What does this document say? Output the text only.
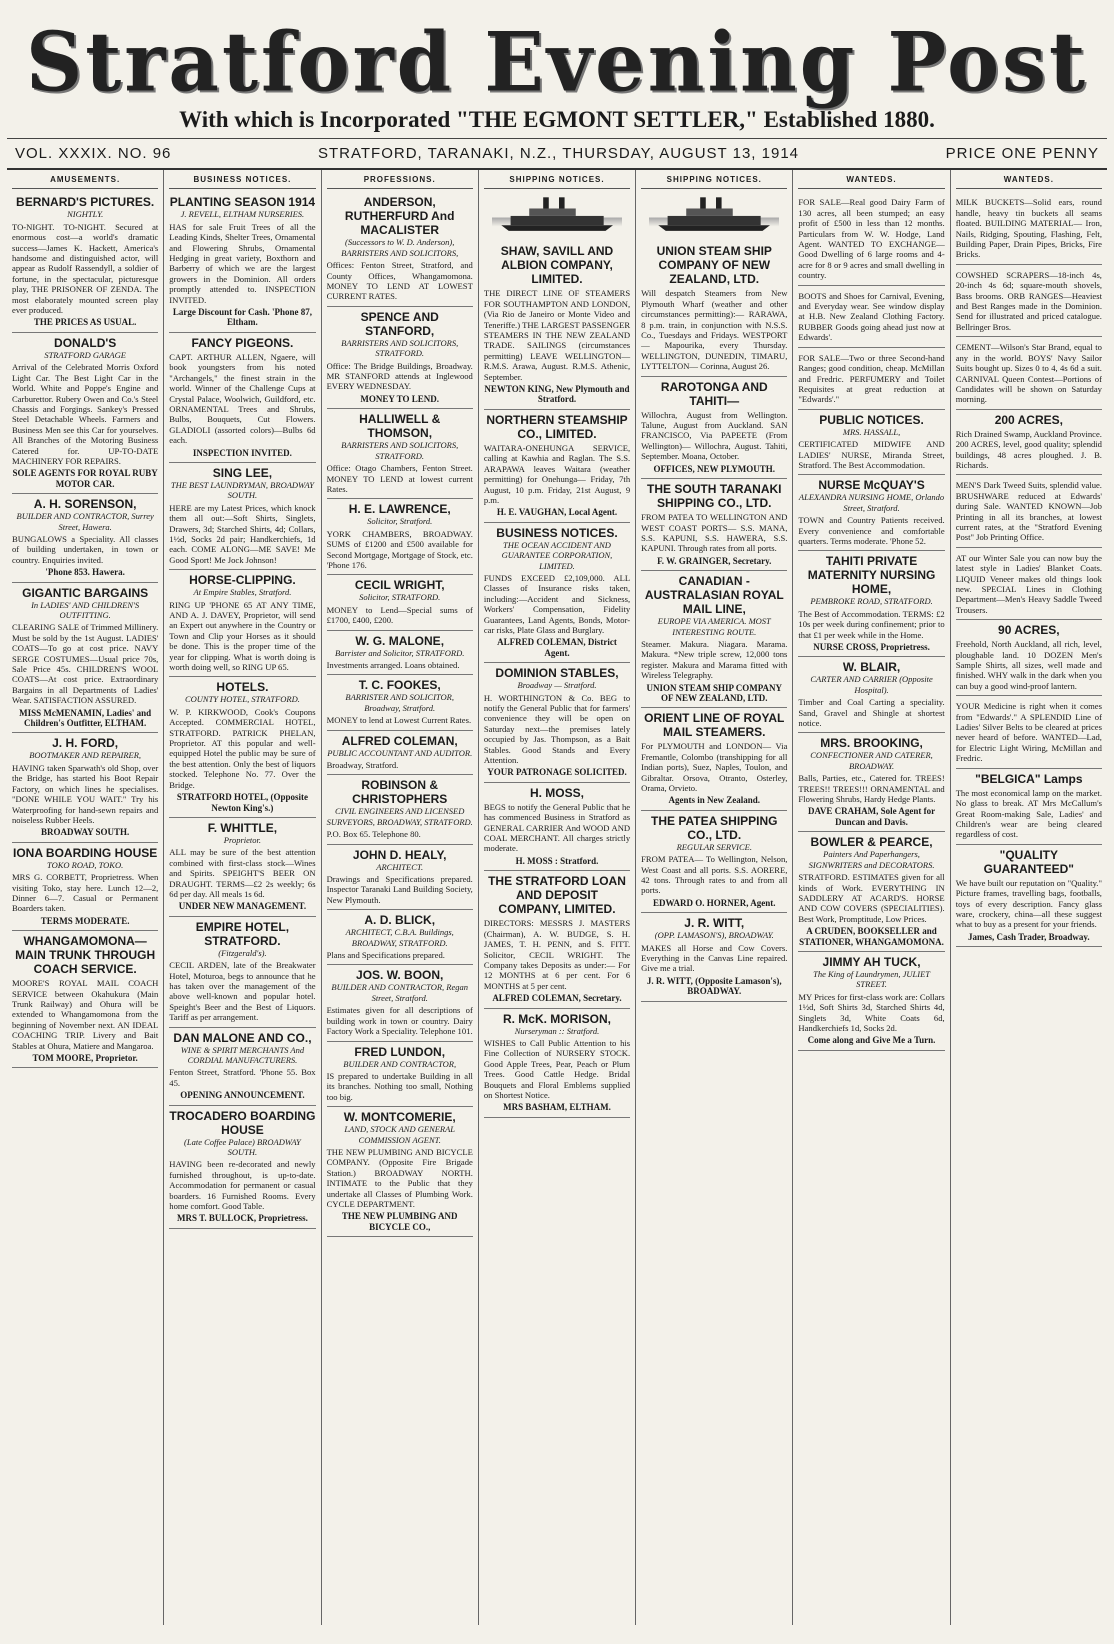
Stratford Evening Post
With which is Incorporated "THE EGMONT SETTLER," Established 1880.
VOL. XXXIX. NO. 96	STRATFORD, TARANAKI, N.Z., THURSDAY, AUGUST 13, 1914	PRICE ONE PENNY
AMUSEMENTS.
BERNARD'S PICTURES.
NIGHTLY.
TO-NIGHT. TO-NIGHT. Secured at enormous cost—a world's dramatic success—James K. Hackett, America's handsome and distinguished actor, will appear as Rudolf Rassendyll, a soldier of fortune, in the spectacular, picturesque play, THE PRISONER OF ZENDA. The most elaborately mounted screen play ever produced.
THE PRICES AS USUAL.
DONALD'S
STRATFORD GARAGE
Arrival of the Celebrated Morris Oxford Light Car. The Best Light Car in the World. White and Poppe's Engine and Carburettor. Rubery Owen and Co.'s Steel Chassis and Forgings. Sankey's Pressed Steel Detachable Wheels. Farmers and Business Men see this Car for yourselves. All Branches of the Motoring Business Catered for. UP-TO-DATE MACHINERY FOR REPAIRS.
SOLE AGENTS FOR ROYAL RUBY MOTOR CAR.
A. H. SORENSON,
BUILDER AND CONTRACTOR, Surrey Street, Hawera.
BUNGALOWS a Speciality. All classes of building undertaken, in town or country. Enquiries invited.
'Phone 853. Hawera.
GIGANTIC BARGAINS
In LADIES' AND CHILDREN'S OUTFITTING.
CLEARING SALE of Trimmed Millinery. Must be sold by the 1st August. LADIES' COATS—To go at cost price. NAVY SERGE COSTUMES—Usual price 70s, Sale Price 45s. CHILDREN'S WOOL COATS—At cost price. Extraordinary Bargains in all Departments of Ladies' Wear. SATISFACTION ASSURED.
MISS McMENAMIN, Ladies' and Children's Outfitter, ELTHAM.
J. H. FORD,
BOOTMAKER AND REPAIRER,
HAVING taken Sparwath's old Shop, over the Bridge, has started his Boot Repair Factory, on which lines he specialises. "DONE WHILE YOU WAIT." Try his Waterproofing for hand-sewn repairs and noiseless Rubber Heels.
BROADWAY SOUTH.
IONA BOARDING HOUSE
TOKO ROAD, TOKO.
MRS G. CORBETT, Proprietress. When visiting Toko, stay here. Lunch 12—2, Dinner 6—7. Casual or Permanent Boarders taken.
TERMS MODERATE.
WHANGAMOMONA—MAIN TRUNK THROUGH COACH SERVICE.
MOORE'S ROYAL MAIL COACH SERVICE between Okahukura (Main Trunk Railway) and Ohura will be extended to Whangamomona from the beginning of November next. AN IDEAL COACHING TRIP. Livery and Bait Stables at Ohura, Matiere and Mangaroa.
TOM MOORE, Proprietor.
BUSINESS NOTICES.
PLANTING SEASON 1914
J. REVELL, ELTHAM NURSERIES.
HAS for sale Fruit Trees of all the Leading Kinds, Shelter Trees, Ornamental and Flowering Shrubs, Ornamental Hedging in great variety, Boxthorn and Barberry of which we are the largest growers in the Dominion. All orders promptly attended to. INSPECTION INVITED.
Large Discount for Cash. 'Phone 87, Eltham.
FANCY PIGEONS.
CAPT. ARTHUR ALLEN, Ngaere, will book youngsters from his noted "Archangels," the finest strain in the world. Winner of the Challenge Cups at Crystal Palace, Woolwich, Guildford, etc. ORNAMENTAL Trees and Shrubs, Bulbs, Bouquets, Cut Flowers. GLADIOLI (assorted colors)—Bulbs 6d each.
INSPECTION INVITED.
SING LEE,
THE BEST LAUNDRYMAN, BROADWAY SOUTH.
HERE are my Latest Prices, which knock them all out:—Soft Shirts, Singlets, Drawers, 3d; Starched Shirts, 4d; Collars, 1½d, Socks 2d pair; Handkerchiefs, 1d each. COME ALONG—ME SAVE! Me Good Sport! Me Jock Johnson!
HORSE-CLIPPING.
At Empire Stables, Stratford.
RING UP 'PHONE 65 AT ANY TIME, AND A. J. DAVEY, Proprietor, will send an Expert out anywhere in the Country or Town and Clip your Horses as it should be done. This is the proper time of the year for clipping. What is worth doing is worth doing well, so RING UP 65.
HOTELS.
COUNTY HOTEL, STRATFORD.
W. P. KIRKWOOD, Cook's Coupons Accepted. COMMERCIAL HOTEL, STRATFORD. PATRICK PHELAN, Proprietor. AT this popular and well-equipped Hotel the public may be sure of the best attention. Only the best of liquors stocked. Telephone No. 77. Over the Bridge.
STRATFORD HOTEL, (Opposite Newton King's.)
F. WHITTLE,
Proprietor.
ALL may be sure of the best attention combined with first-class stock—Wines and Spirits. SPEIGHT'S BEER ON DRAUGHT. TERMS—£2 2s weekly; 6s 6d per day. All meals 1s 6d.
UNDER NEW MANAGEMENT.
EMPIRE HOTEL, STRATFORD.
(Fitzgerald's).
CECIL ARDEN, late of the Breakwater Hotel, Moturoa, begs to announce that he has taken over the management of the above well-known and popular hotel. Speight's Beer and the Best of Liquors. Tariff as per arrangement.
DAN MALONE AND CO.,
WINE & SPIRIT MERCHANTS And CORDIAL MANUFACTURERS.
Fenton Street, Stratford. 'Phone 55. Box 45.
OPENING ANNOUNCEMENT.
TROCADERO BOARDING HOUSE
(Late Coffee Palace) BROADWAY SOUTH.
HAVING been re-decorated and newly furnished throughout, is up-to-date. Accommodation for permanent or casual boarders. 16 Furnished Rooms. Every home comfort. Good Table.
MRS T. BULLOCK, Proprietress.
PROFESSIONS.
ANDERSON, RUTHERFURD And MACALISTER
(Successors to W. D. Anderson), BARRISTERS AND SOLICITORS,
Offices: Fenton Street, Stratford, and County Offices, Whangamomona. MONEY TO LEND AT LOWEST CURRENT RATES.
SPENCE AND STANFORD,
BARRISTERS AND SOLICITORS, STRATFORD.
Office: The Bridge Buildings, Broadway. MR STANFORD attends at Inglewood EVERY WEDNESDAY.
MONEY TO LEND.
HALLIWELL & THOMSON,
BARRISTERS AND SOLICITORS, STRATFORD.
Office: Otago Chambers, Fenton Street. MONEY TO LEND at lowest current Rates.
H. E. LAWRENCE,
Solicitor, Stratford.
YORK CHAMBERS, BROADWAY. SUMS of £1200 and £500 available for Second Mortgage, Mortgage of Stock, etc. 'Phone 176.
CECIL WRIGHT,
Solicitor, STRATFORD.
MONEY to Lend—Special sums of £1700, £400, £200.
W. G. MALONE,
Barrister and Solicitor, STRATFORD.
Investments arranged. Loans obtained.
T. C. FOOKES,
BARRISTER AND SOLICITOR, Broadway, Stratford.
MONEY to lend at Lowest Current Rates.
ALFRED COLEMAN,
PUBLIC ACCOUNTANT AND AUDITOR.
Broadway, Stratford.
ROBINSON & CHRISTOPHERS
CIVIL ENGINEERS AND LICENSED SURVEYORS, BROADWAY, STRATFORD.
P.O. Box 65. Telephone 80.
JOHN D. HEALY,
ARCHITECT.
Drawings and Specifications prepared. Inspector Taranaki Land Building Society, New Plymouth.
A. D. BLICK,
ARCHITECT, C.B.A. Buildings, BROADWAY, STRATFORD.
Plans and Specifications prepared.
JOS. W. BOON,
BUILDER AND CONTRACTOR, Regan Street, Stratford.
Estimates given for all descriptions of building work in town or country. Dairy Factory Work a Speciality. Telephone 101.
FRED LUNDON,
BUILDER AND CONTRACTOR,
IS prepared to undertake Building in all its branches. Nothing too small, Nothing too big.
W. MONTCOMERIE,
LAND, STOCK AND GENERAL COMMISSION AGENT.
THE NEW PLUMBING AND BICYCLE COMPANY. (Opposite Fire Brigade Station.) BROADWAY NORTH. INTIMATE to the Public that they undertake all Classes of Plumbing Work. CYCLE DEPARTMENT.
THE NEW PLUMBING AND BICYCLE CO.,
SHIPPING NOTICES.
SHAW, SAVILL AND ALBION COMPANY, LIMITED.
THE DIRECT LINE OF STEAMERS FOR SOUTHAMPTON AND LONDON, (Via Rio de Janeiro or Monte Video and Teneriffe.) THE LARGEST PASSENGER STEAMERS IN THE NEW ZEALAND TRADE. SAILINGS (circumstances permitting) LEAVE WELLINGTON— R.M.S. Arawa, August. R.M.S. Athenic, September.
NEWTON KING, New Plymouth and Stratford.
NORTHERN STEAMSHIP CO., LIMITED.
WAITARA-ONEHUNGA SERVICE, calling at Kawhia and Raglan. The S.S. ARAPAWA leaves Waitara (weather permitting) for Onehunga— Friday, 7th August, 10 p.m. Friday, 21st August, 9 p.m.
H. E. VAUGHAN, Local Agent.
BUSINESS NOTICES.
THE OCEAN ACCIDENT AND GUARANTEE CORPORATION, LIMITED.
FUNDS EXCEED £2,109,000. ALL Classes of Insurance risks taken, including:—Accident and Sickness, Workers' Compensation, Fidelity Guarantees, Land Agents, Bonds, Motor-car risks, Plate Glass and Burglary.
ALFRED COLEMAN, District Agent.
DOMINION STABLES,
Broadway — Stratford.
H. WORTHINGTON & Co. BEG to notify the General Public that for farmers' convenience they will be open on Saturday next—the premises lately occupied by Jas. Thompson, as a Bait Stables. Good Stands and Every Attention.
YOUR PATRONAGE SOLICITED.
H. MOSS,
BEGS to notify the General Public that he has commenced Business in Stratford as GENERAL CARRIER And WOOD AND COAL MERCHANT. All charges strictly moderate.
H. MOSS : Stratford.
THE STRATFORD LOAN AND DEPOSIT COMPANY, LIMITED.
DIRECTORS: MESSRS J. MASTERS (Chairman), A. W. BUDGE, S. H. JAMES, T. H. PENN, and S. FITT. Solicitor, CECIL WRIGHT. The Company takes Deposits as under:— For 12 MONTHS at 6 per cent. For 6 MONTHS at 5 per cent.
ALFRED COLEMAN, Secretary.
R. McK. MORISON,
Nurseryman :: Stratford.
WISHES to Call Public Attention to his Fine Collection of NURSERY STOCK. Good Apple Trees, Pear, Peach or Plum Trees. Good Cattle Hedge. Bridal Bouquets and Floral Emblems supplied on Shortest Notice.
MRS BASHAM, ELTHAM.
SHIPPING NOTICES.
UNION STEAM SHIP COMPANY OF NEW ZEALAND, LTD.
Will despatch Steamers from New Plymouth Wharf (weather and other circumstances permitting):— RARAWA, 8 p.m. train, in conjunction with N.S.S. Co., Tuesdays and Fridays. WESTPORT— Mapourika, every Thursday. WELLINGTON, DUNEDIN, TIMARU, LYTTELTON— Corinna, August 26.
RAROTONGA AND TAHITI—
Willochra, August from Wellington. Talune, August from Auckland. SAN FRANCISCO, Via PAPEETE (From Wellington)— Willochra, August. Tahiti, September. Moana, October.
OFFICES, NEW PLYMOUTH.
THE SOUTH TARANAKI SHIPPING CO., LTD.
FROM PATEA TO WELLINGTON AND WEST COAST PORTS— S.S. MANA, S.S. KAPUNI, S.S. HAWERA, S.S. KAPUNI. Through rates from all ports.
F. W. GRAINGER, Secretary.
CANADIAN - AUSTRALASIAN ROYAL MAIL LINE,
EUROPE VIA AMERICA. MOST INTERESTING ROUTE.
Steamer. Makura. Niagara. Marama. Makura. *New triple screw, 12,000 tons register. Makura and Marama fitted with Wireless Telegraphy.
UNION STEAM SHIP COMPANY OF NEW ZEALAND, LTD.
ORIENT LINE OF ROYAL MAIL STEAMERS.
For PLYMOUTH and LONDON— Via Fremantle, Colombo (transhipping for all Indian ports), Suez, Naples, Toulon, and Gibraltar. Orsova, Otranto, Osterley, Orama, Orvieto.
Agents in New Zealand.
THE PATEA SHIPPING CO., LTD.
REGULAR SERVICE.
FROM PATEA— To Wellington, Nelson, West Coast and all ports. S.S. AORERE, 42 tons. Through rates to and from all ports.
EDWARD O. HORNER, Agent.
J. R. WITT,
(OPP. LAMASON'S), BROADWAY.
MAKES all Horse and Cow Covers. Everything in the Canvas Line repaired. Give me a trial.
J. R. WITT, (Opposite Lamason's), BROADWAY.
WANTEDS.
FOR SALE—Real good Dairy Farm of 130 acres, all been stumped; an easy profit of £500 in less than 12 months. Particulars from W. W. Hodge, Land Agent. WANTED TO EXCHANGE—Good Dwelling of 6 large rooms and 4-acre for 8 or 9 acres and small dwelling in country.
BOOTS and Shoes for Carnival, Evening, and Everyday wear. See window display at H.B. New Zealand Clothing Factory. RUBBER Goods going ahead just now at Edwards'.
FOR SALE—Two or three Second-hand Ranges; good condition, cheap. McMillan and Fredric. PERFUMERY and Toilet Requisites at great reduction at "Edwards'."
PUBLIC NOTICES.
MRS. HASSALL,
CERTIFICATED MIDWIFE AND LADIES' NURSE, Miranda Street, Stratford. The Best Accommodation.
NURSE McQUAY'S
ALEXANDRA NURSING HOME, Orlando Street, Stratford.
TOWN and Country Patients received. Every convenience and comfortable quarters. Terms moderate. 'Phone 52.
TAHITI PRIVATE MATERNITY NURSING HOME,
PEMBROKE ROAD, STRATFORD.
The Best of Accommodation. TERMS: £2 10s per week during confinement; prior to that £1 per week while in the Home.
NURSE CROSS, Proprietress.
W. BLAIR,
CARTER AND CARRIER (Opposite Hospital).
Timber and Coal Carting a speciality. Sand, Gravel and Shingle at shortest notice.
MRS. BROOKING,
CONFECTIONER AND CATERER, BROADWAY.
Balls, Parties, etc., Catered for. TREES! TREES!! TREES!!! ORNAMENTAL and Flowering Shrubs, Hardy Hedge Plants.
DAVE CRAHAM, Sole Agent for Duncan and Davis.
BOWLER & PEARCE,
Painters And Paperhangers, SIGNWRITERS and DECORATORS.
STRATFORD. ESTIMATES given for all kinds of Work. EVERYTHING IN SADDLERY AT ACARD'S. HORSE AND COW COVERS (SPECIALITIES). Best Work, Promptitude, Low Prices.
A CRUDEN, BOOKSELLER and STATIONER, WHANGAMOMONA.
JIMMY AH TUCK,
The King of Laundrymen, JULIET STREET.
MY Prices for first-class work are: Collars 1½d, Soft Shirts 3d, Starched Shirts 4d, Singlets 3d, White Coats 6d, Handkerchiefs 1d, Socks 2d.
Come along and Give Me a Turn.
WANTEDS.
MILK BUCKETS—Solid ears, round handle, heavy tin buckets all seams floated. BUILDING MATERIAL— Iron, Nails, Ridging, Spouting, Flashing, Felt, Building Paper, Drain Pipes, Bricks, Fire Bricks.
COWSHED SCRAPERS—18-inch 4s, 20-inch 4s 6d; square-mouth shovels, Bass brooms. ORB RANGES—Heaviest and Best Ranges made in the Dominion. Send for illustrated and priced catalogue. Bellringer Bros.
CEMENT—Wilson's Star Brand, equal to any in the world. BOYS' Navy Sailor Suits bought up. Sizes 0 to 4, 4s 6d a suit. CARNIVAL Queen Contest—Portions of Candidates will be shown on Saturday morning.
200 ACRES,
Rich Drained Swamp, Auckland Province. 200 ACRES, level, good quality; splendid buildings, 48 acres ploughed. J. B. Richards.
MEN'S Dark Tweed Suits, splendid value. BRUSHWARE reduced at Edwards' during Sale. WANTED KNOWN—Job Printing in all its branches, at lowest current rates, at the "Stratford Evening Post" Job Printing Office.
AT our Winter Sale you can now buy the latest style in Ladies' Blanket Coats. LIQUID Veneer makes old things look new. SPECIAL Lines in Clothing Department—Men's Heavy Saddle Tweed Trousers.
90 ACRES,
Freehold, North Auckland, all rich, level, ploughable land. 10 DOZEN Men's Sample Shirts, all sizes, well made and finished. WHY walk in the dark when you can buy a good wind-proof lantern.
YOUR Medicine is right when it comes from "Edwards'." A SPLENDID Line of Ladies' Silver Belts to be cleared at prices never heard of before. WANTED—Lad, for Electric Light Wiring, McMillan and Fredric.
"BELGICA" Lamps
The most economical lamp on the market. No glass to break. AT Mrs McCallum's Great Room-making Sale, Ladies' and Children's wear are being cleared regardless of cost.
"QUALITY GUARANTEED"
We have built our reputation on "Quality." Picture frames, travelling bags, footballs, toys of every description. Fancy glass ware, crockery, china—all these suggest what to buy as a present for your friends.
James, Cash Trader, Broadway.
